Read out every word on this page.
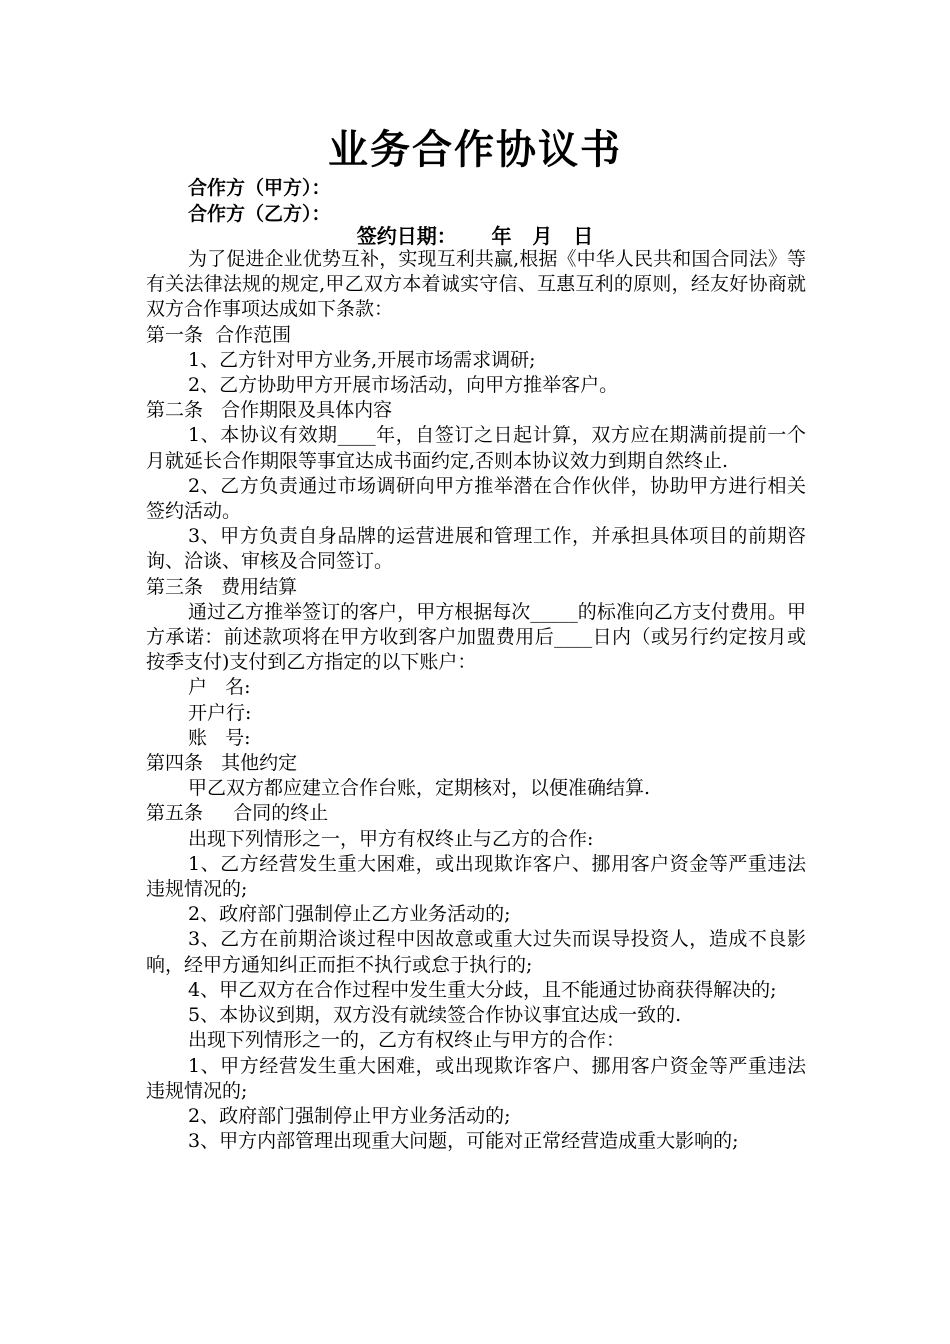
业务合作协议书
合作方（甲方）：
合作方（乙方）：
签约日期：     年   月   日

为了促进企业优势互补，实现互利共赢,根据《中华人民共和国合同法》等有关法律法规的规定,甲乙双方本着诚实守信、互惠互利的原则，经友好协商就双方合作事项达成如下条款：

第一条  合作范围

1、乙方针对甲方业务,开展市场需求调研;

2、乙方协助甲方开展市场活动，向甲方推举客户。

第二条   合作期限及具体内容

1、本协议有效期____年，自签订之日起计算，双方应在期满前提前一个月就延长合作期限等事宜达成书面约定,否则本协议效力到期自然终止.

2、乙方负责通过市场调研向甲方推举潜在合作伙伴，协助甲方进行相关签约活动。

3、甲方负责自身品牌的运营进展和管理工作，并承担具体项目的前期咨询、洽谈、审核及合同签订。

第三条   费用结算

通过乙方推举签订的客户，甲方根据每次_____的标准向乙方支付费用。甲方承诺：前述款项将在甲方收到客户加盟费用后____日内（或另行约定按月或按季支付)支付到乙方指定的以下账户：

户   名:

开户行:

账   号:

第四条   其他约定

甲乙双方都应建立合作台账，定期核对，以便准确结算.

第五条     合同的终止

出现下列情形之一，甲方有权终止与乙方的合作:

1、乙方经营发生重大困难，或出现欺诈客户、挪用客户资金等严重违法违规情况的;

2、政府部门强制停止乙方业务活动的;

3、乙方在前期洽谈过程中因故意或重大过失而误导投资人，造成不良影响，经甲方通知纠正而拒不执行或怠于执行的;

4、甲乙双方在合作过程中发生重大分歧，且不能通过协商获得解决的;

5、本协议到期，双方没有就续签合作协议事宜达成一致的.

出现下列情形之一的，乙方有权终止与甲方的合作：

1、甲方经营发生重大困难，或出现欺诈客户、挪用客户资金等严重违法违规情况的;

2、政府部门强制停止甲方业务活动的;

3、甲方内部管理出现重大问题，可能对正常经营造成重大影响的;
